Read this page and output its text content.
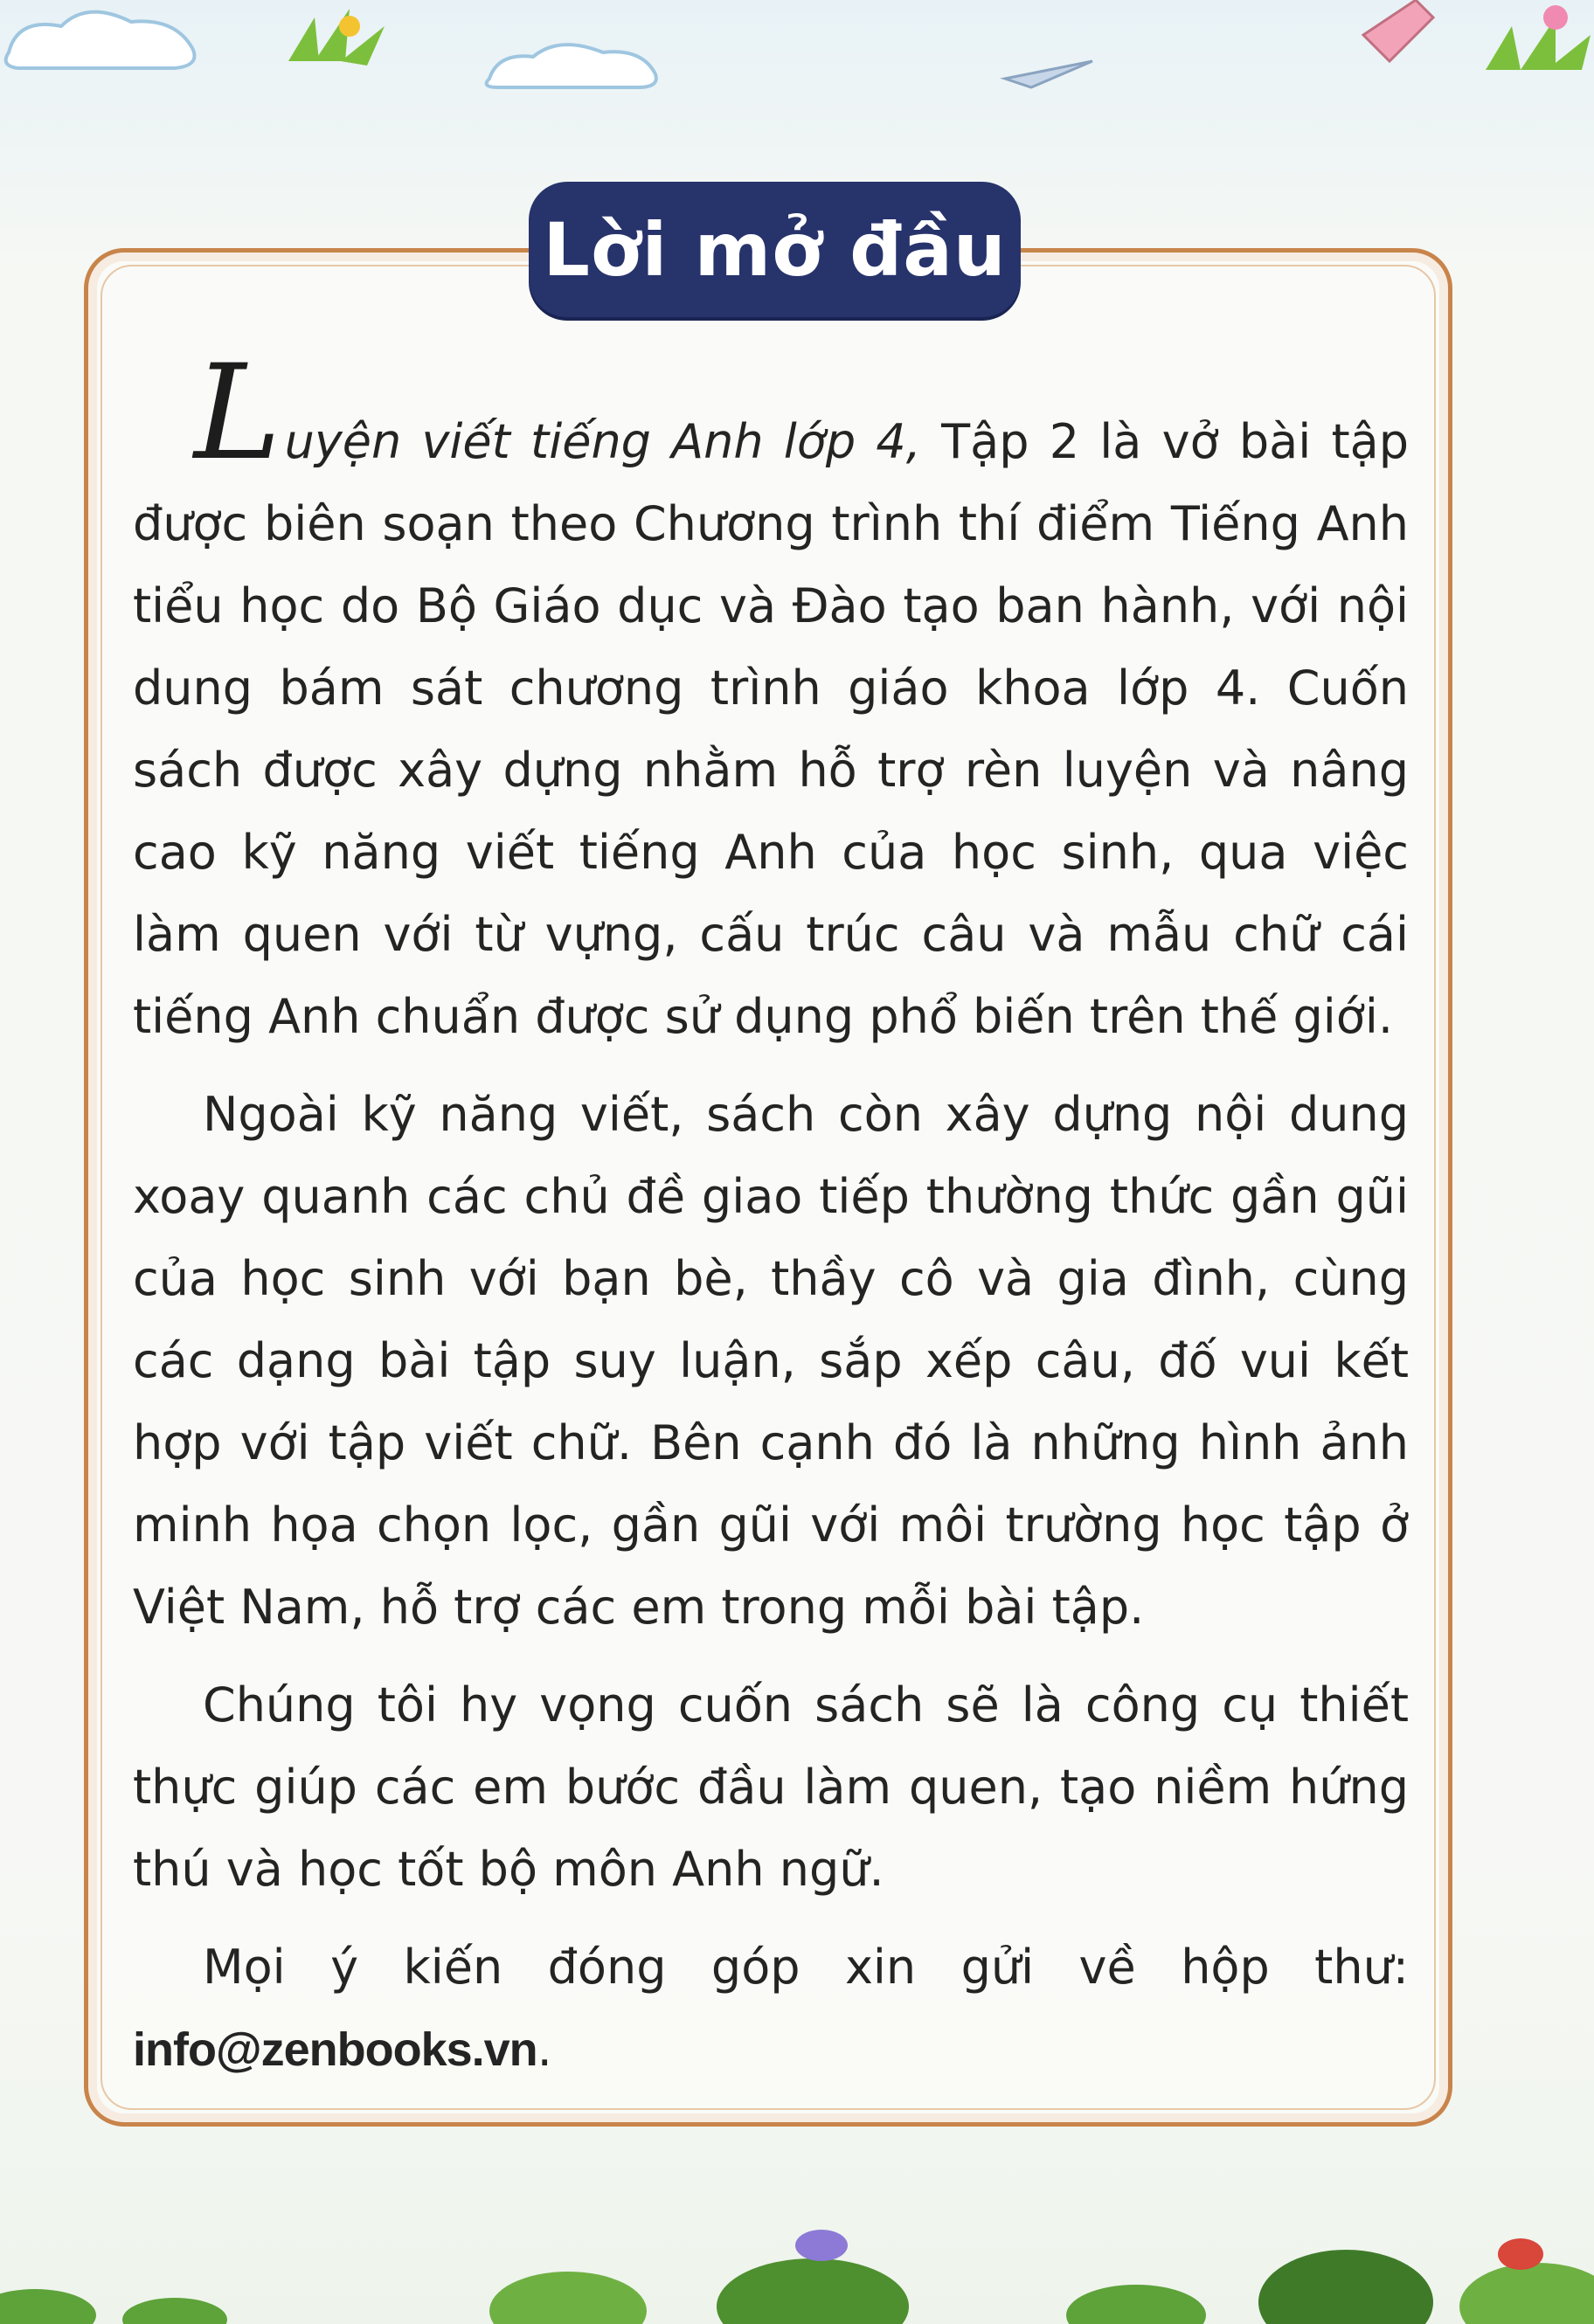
Lời mở đầu

Luyện viết tiếng Anh lớp 4, Tập 2 là vở bài tập được biên soạn theo Chương trình thí điểm Tiếng Anh tiểu học do Bộ Giáo dục và Đào tạo ban hành, với nội dung bám sát chương trình giáo khoa lớp 4. Cuốn sách được xây dựng nhằm hỗ trợ rèn luyện và nâng cao kỹ năng viết tiếng Anh của học sinh, qua việc làm quen với từ vựng, cấu trúc câu và mẫu chữ cái tiếng Anh chuẩn được sử dụng phổ biến trên thế giới.

Ngoài kỹ năng viết, sách còn xây dựng nội dung xoay quanh các chủ đề giao tiếp thường thức gần gũi của học sinh với bạn bè, thầy cô và gia đình, cùng các dạng bài tập suy luận, sắp xếp câu, đố vui kết hợp với tập viết chữ. Bên cạnh đó là những hình ảnh minh họa chọn lọc, gần gũi với môi trường học tập ở Việt Nam, hỗ trợ các em trong mỗi bài tập.

Chúng tôi hy vọng cuốn sách sẽ là công cụ thiết thực giúp các em bước đầu làm quen, tạo niềm hứng thú và học tốt bộ môn Anh ngữ.

Mọi ý kiến đóng góp xin gửi về hộp thư: info@zenbooks.vn.
